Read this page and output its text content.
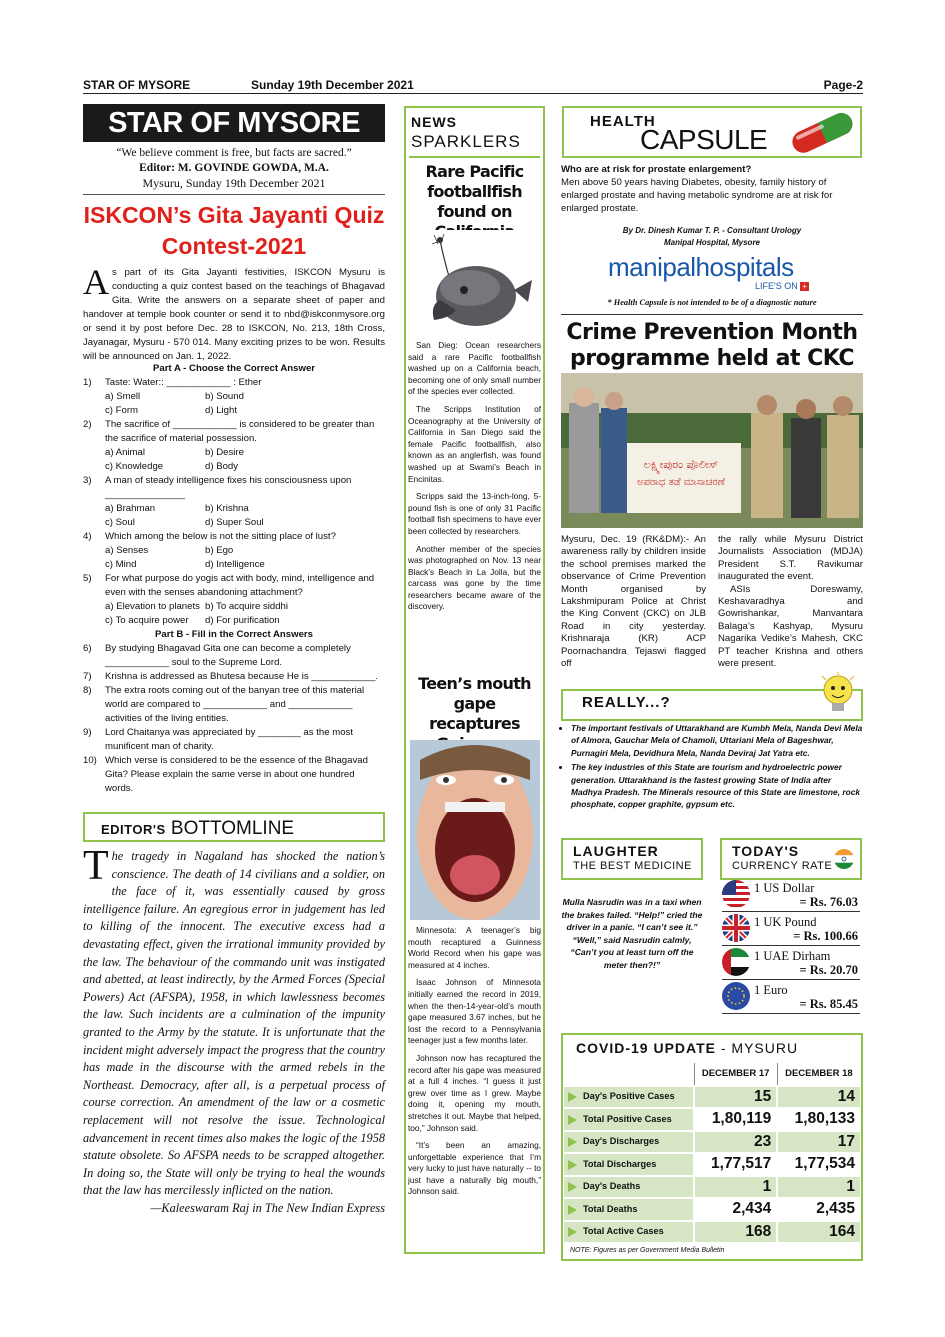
STAR OF MYSORE	Sunday 19th December 2021	Page-2
STAR OF MYSORE
“We believe comment is free, but facts are sacred.”
Editor: M. GOVINDE GOWDA, M.A.
Mysuru, Sunday 19th December 2021
ISKCON’s Gita Jayanti Quiz Contest-2021
As part of its Gita Jayanti festivities, ISKCON Mysuru is conducting a quiz contest based on the teachings of Bhagavad Gita. Write the answers on a separate sheet of paper and handover at temple book counter or send it to nbd@iskconmysore.org or send it by post before Dec. 28 to ISKCON, No. 213, 18th Cross, Jayanagar, Mysuru - 570 014. Many exciting prizes to be won. Results will be announced on Jan. 1, 2022.
Part A - Choose the Correct Answer
1)	Taste: Water:: ____________ : Ether
a) Smell	b) Sound
c) Form	d) Light
2)	The sacrifice of ____________ is considered to be greater than the sacrifice of material possession.
a) Animal	b) Desire
c) Knowledge	d) Body
3)	A man of steady intelligence fixes his consciousness upon _______________
a) Brahman	b) Krishna
c) Soul	d) Super Soul
4)	Which among the below is not the sitting place of lust?
a) Senses	b) Ego
c) Mind	d) Intelligence
5)	For what purpose do yogis act with body, mind, intelligence and even with the senses abandoning attachment?
a) Elevation to planets b) To acquire siddhi
c) To acquire power	d) For purification
Part B - Fill in the Correct Answers
6)	By studying Bhagavad Gita one can become a completely ____________ soul to the Supreme Lord.
7)	Krishna is addressed as Bhutesa because He is ____________.
8)	The extra roots coming out of the banyan tree of this material world are compared to ____________ and ____________ activities of the living entities.
9)	Lord Chaitanya was appreciated by ________ as the most munificent man of charity.
10) Which verse is considered to be the essence of the Bhagavad Gita? Please explain the same verse in about one hundred words.
EDITOR'S BOTTOMLINE
The tragedy in Nagaland has shocked the nation’s conscience. The death of 14 civilians and a soldier, on the face of it, was essentially caused by gross intelligence failure. An egregious error in judgement has led to killing of the innocent. The executive excess had a devastating effect, given the irrational immunity provided by the law. The behaviour of the commando unit was instigated and abetted, at least indirectly, by the Armed Forces (Special Powers) Act (AFSPA), 1958, in which lawlessness becomes the law. Such incidents are a culmination of the impunity granted to the Army by the statute. It is unfortunate that the incident might adversely impact the progress that the country has made in the discourse with the armed rebels in the Northeast. Democracy, after all, is a perpetual process of course correction. An amendment of the law or a cosmetic replacement will not resolve the issue. Technological advancement in recent times also makes the logic of the 1958 statute obsolete. So AFSPA needs to be scrapped altogether. In doing so, the State will only be trying to heal the wounds that the law has mercilessly inflicted on the nation.
—Kaleeswaram Raj in The New Indian Express
NEWS
SPARKLERS
Rare Pacific footballfish found on

San Dieg: Ocean researchers said a rare Pacific footballfish washed up on a California beach, becoming one of only small number of the species ever collected.

The Scripps Institution of Oceanography at the University of California in San Diego said the female Pacific footballfish, also known as an anglerfish, was found washed up at Swami’s Beach in Encinitas.

Scripps said the 13-inch-long, 5-pound fish is one of only 31 Pacific football fish specimens to have ever been collected by researchers.

Another member of the species was photographed on Nov. 13 near Black’s Beach in La Jolla, but the carcass was gone by the time researchers became aware of the discovery.

Teen’s mouth gape recaptures

Minnesota: A teenager’s big mouth recaptured a Guinness World Record when his gape was measured at 4 inches.

Isaac Johnson of Minnesota initially earned the record in 2019, when the then-14-year-old’s mouth gape measured 3.67 inches, but he lost the record to a Pennsylvania teenager just a few months later.

Johnson now has recaptured the record after his gape was measured at a full 4 inches. “I guess it just grew over time as I grew. Maybe doing it, opening my mouth, stretches it out. Maybe that helped, too,” Johnson said.

“It’s been an amazing, unforgettable experience that I’m very lucky to just have naturally -- to just have a naturally big mouth,” Johnson said.

HEALTH
CAPSULE
Who are at risk for prostate enlargement?
Men above 50 years having Diabetes, obesity, family history of enlarged prostate and having metabolic syndrome are at risk for enlarged prostate.
By Dr. Dinesh Kumar T. P. - Consultant Urology
Manipal Hospital, Mysore
manipalhospitals
LIFE'S ON +
* Health Capsule is not intended to be of a diagnostic nature
Crime Prevention Month programme held at CKC
ಲಕ್ಷ್ಮೀಪುರಂ ಪೊಲೀಸ್
ಅಪರಾಧ ತಡೆ ಮಾಸಾಚರಣೆ
Mysuru, Dec. 19 (RK&DM):- An awareness rally by children inside the school premises marked the observance of Crime Prevention Month organised by Lakshmipuram Police at Christ the King Convent (CKC) on JLB Road in city yesterday. Krishnaraja (KR) ACP Poornachandra Tejaswi flagged off
the rally while Mysuru District Journalists Association (MDJA) President S.T. Ravikumar inaugurated the event.
ASIs Doreswamy, Keshavaradhya and Gowrishankar, Manvantara Balaga’s Kashyap, Mysuru Nagarika Vedike’s Mahesh, CKC PT teacher Krishna and others were present.
REALLY...?
• The important festivals of Uttarakhand are Kumbh Mela, Nanda Devi Mela of Almora, Gauchar Mela of Chamoli, Uttariani Mela of Bageshwar, Purnagiri Mela, Devidhura Mela, Nanda Deviraj Jat Yatra etc.
• The key industries of this State are tourism and hydroelectric power generation. Uttarakhand is the fastest growing State of India after Madhya Pradesh. The Minerals resource of this State are limestone, rock phosphate, copper graphite, gypsum etc.
LAUGHTER
THE BEST MEDICINE
Mulla Nasrudin was in a taxi when the brakes failed. “Help!” cried the driver in a panic. “I can’t see it.” “Well,” said Nasrudin calmly, “Can’t you at least turn off the meter then?!”
TODAY'S
CURRENCY RATE
1 US Dollar
= Rs. 76.03
1 UK Pound
= Rs. 100.66
1 UAE Dirham
= Rs. 20.70
1 Euro
= Rs. 85.45
COVID-19 UPDATE - MYSURU
	DECEMBER 17	DECEMBER 18
Day's Positive Cases	15	14
Total Positive Cases	1,80,119	1,80,133
Day's Discharges	23	17
Total Discharges	1,77,517	1,77,534
Day's Deaths	1	1
Total Deaths	2,434	2,435
Total Active Cases	168	164
NOTE: Figures as per Government Media Bulletin
